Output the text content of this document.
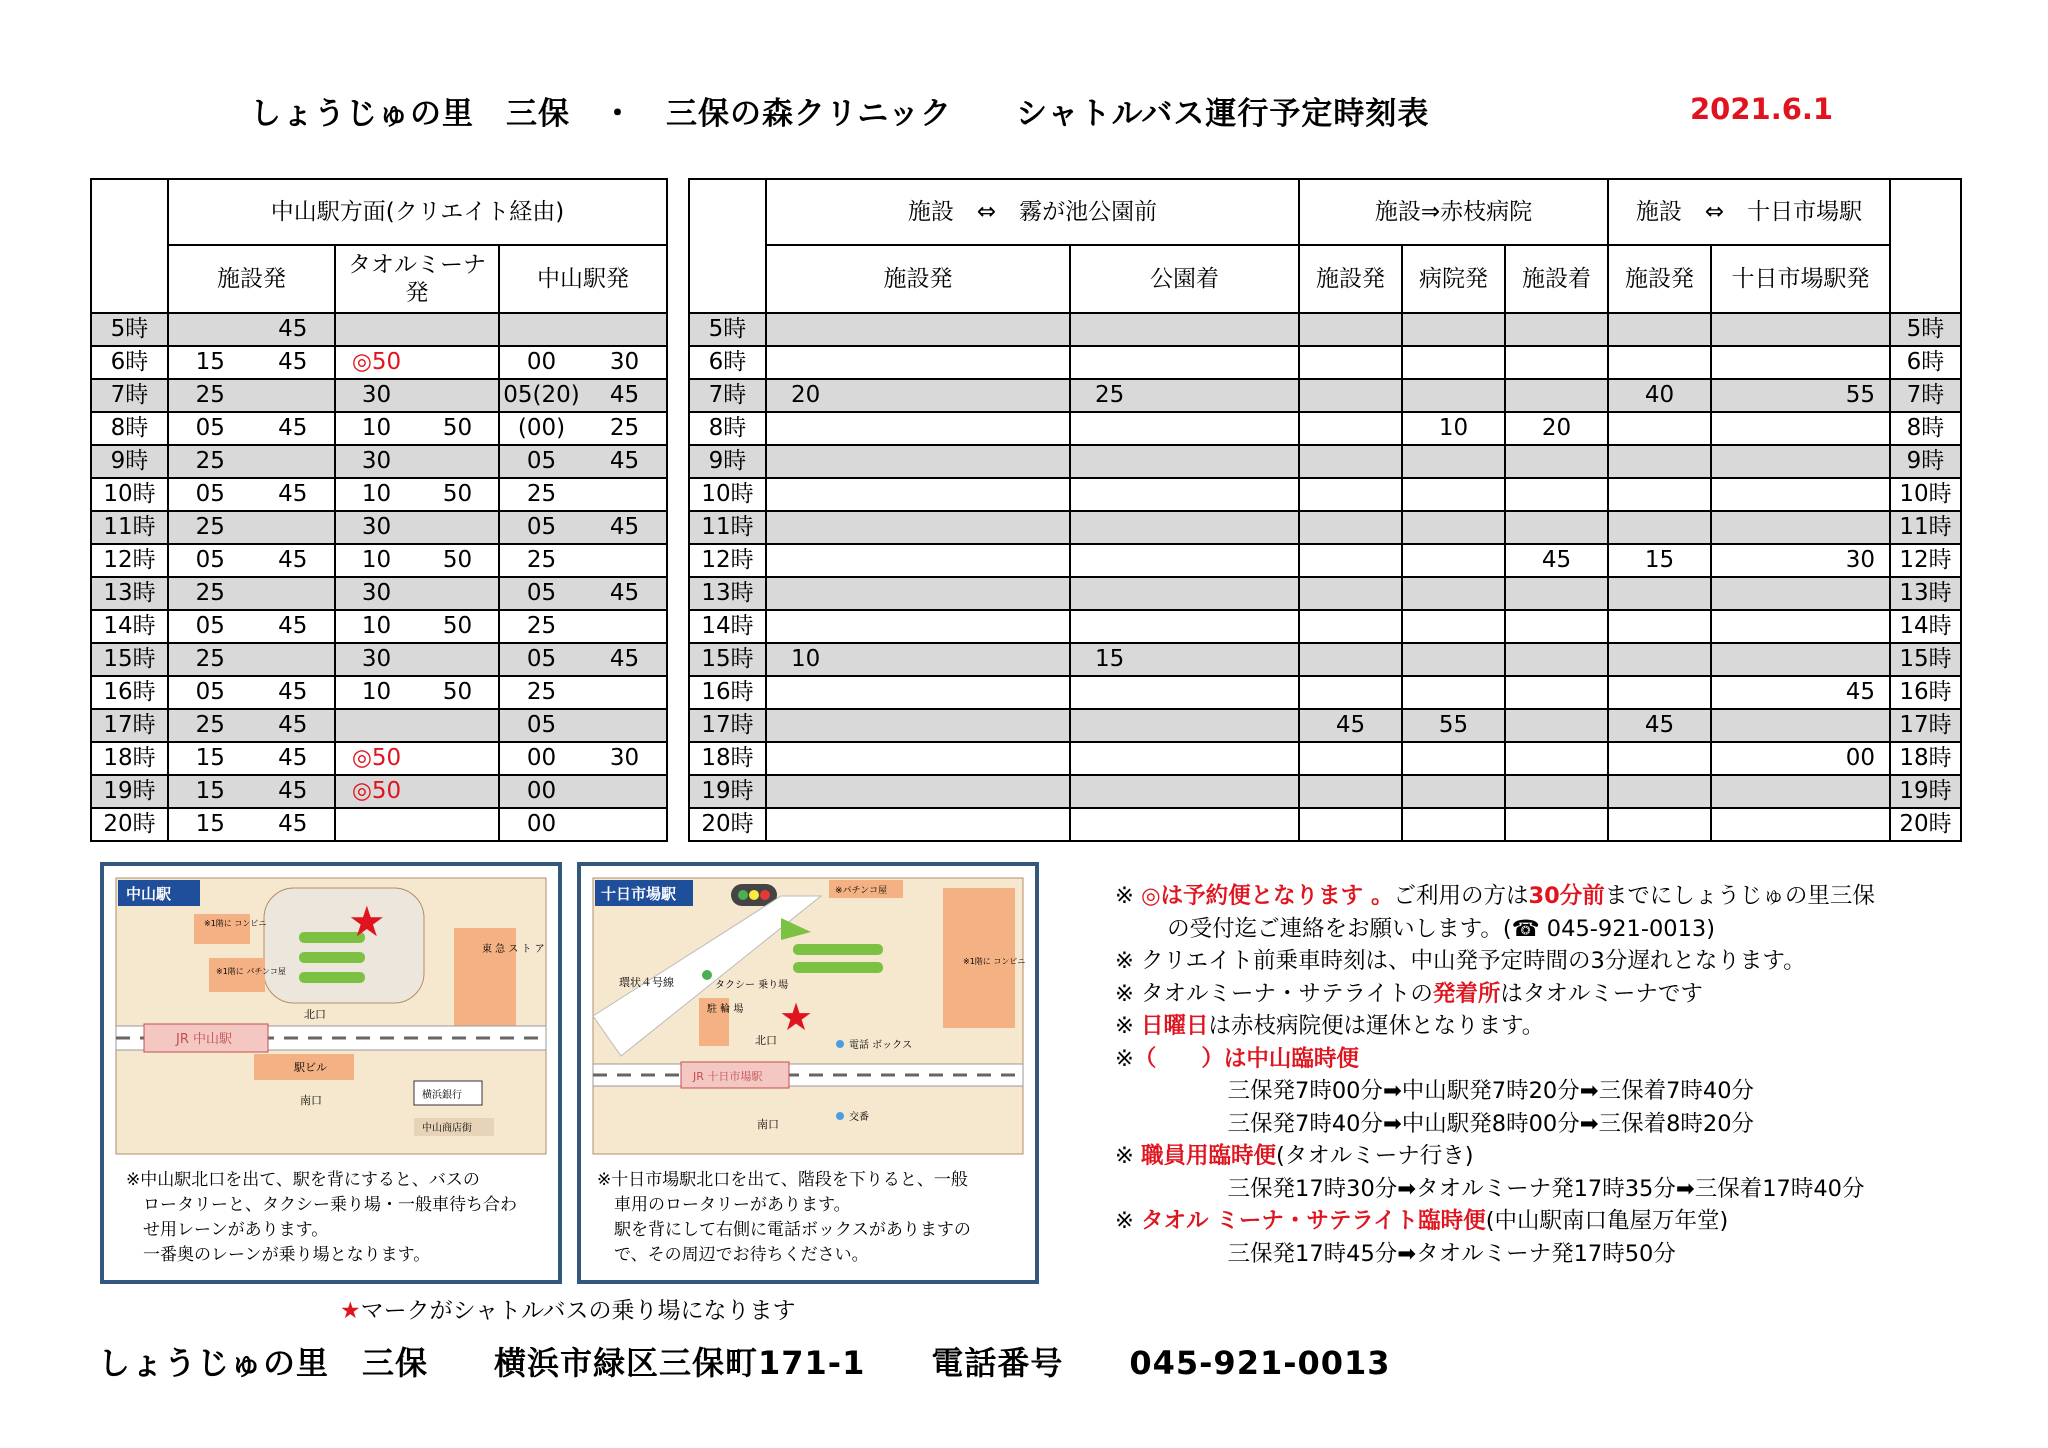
しょうじゅの里　三保　・　三保の森クリニック　　シャトルバス運行予定時刻表	2021.6.1
	中山駅方面(クリエイト経由)		
	施設発	タオルミーナ
発	中山駅発
5時	45		

6時	15 45	◎50	00 30

7時	25	30	05(20) 45

8時	05 45	10 50	(00) 25

9時	25	30	05 45

10時	05 45	10 50	25

11時	25	30	05 45

12時	05 45	10 50	25

13時	25	30	05 45

14時	05 45	10 50	25

15時	25	30	05 45

16時	05 45	10 50	25

17時	25 45		05

18時	15 45	◎50	00 30

19時	15 45	◎50	00

20時	15 45		00
	施設　⇔　霧が池公園前		施設⇒赤枝病院			施設　⇔　十日市場駅		
	施設発	公園着	施設発	病院発	施設着	施設発	十日市場駅発	
5時								5時
6時								6時
7時	20	25				40	55	7時
8時				10	20			8時
9時								9時
10時								10時
11時								11時
12時					45	15	30	12時
13時								13時
14時								14時
15時	10	15						15時
16時							45	16時
17時			45	55		45		17時
18時							00	18時
19時								19時
20時								20時
中山駅
★
※1階に コンビニ
※1階に パチンコ屋
東 急 ス ト ア
JR 中山駅
北口
駅ビル
南口	横浜銀行
中山商店街
※中山駅北口を出て、駅を背にすると、バスの
　ロータリーと、タクシー乗り場・一般車待ち合わ
　せ用レーンがあります。
　一番奥のレーンが乗り場となります。
十日市場駅	※パチンコ屋
※1階に コンビニ
環状４号線	タクシー 乗り場
駐 輪 場 ★
北口	電話 ボックス
JR 十日市場駅
南口
交番
※十日市場駅北口を出て、階段を下りると、一般
　車用のロータリーがあります。
　駅を背にして右側に電話ボックスがありますの
　で、その周辺でお待ちください。
★マークがシャトルバスの乗り場になります
※ ◎は予約便となります 。ご利用の方は30分前までにしょうじゅの里三保
　　 の受付迄ご連絡をお願いします。(☎ 045-921-0013)
※ クリエイト前乗車時刻は、中山発予定時間の3分遅れとなります。
※ タオルミーナ・サテライトの発着所はタオルミーナです
※ 日曜日は赤枝病院便は運休となります。
※（　　）は中山臨時便
　　　　　三保発7時00分➡中山駅発7時20分➡三保着7時40分
　　　　　三保発7時40分➡中山駅発8時00分➡三保着8時20分
※ 職員用臨時便(タオルミーナ行き)
　　　　　三保発17時30分➡タオルミーナ発17時35分➡三保着17時40分
※ タオル ミーナ・サテライト臨時便(中山駅南口亀屋万年堂)
　　　　　三保発17時45分➡タオルミーナ発17時50分
しょうじゅの里　三保　　横浜市緑区三保町171-1　　電話番号　　045-921-0013
